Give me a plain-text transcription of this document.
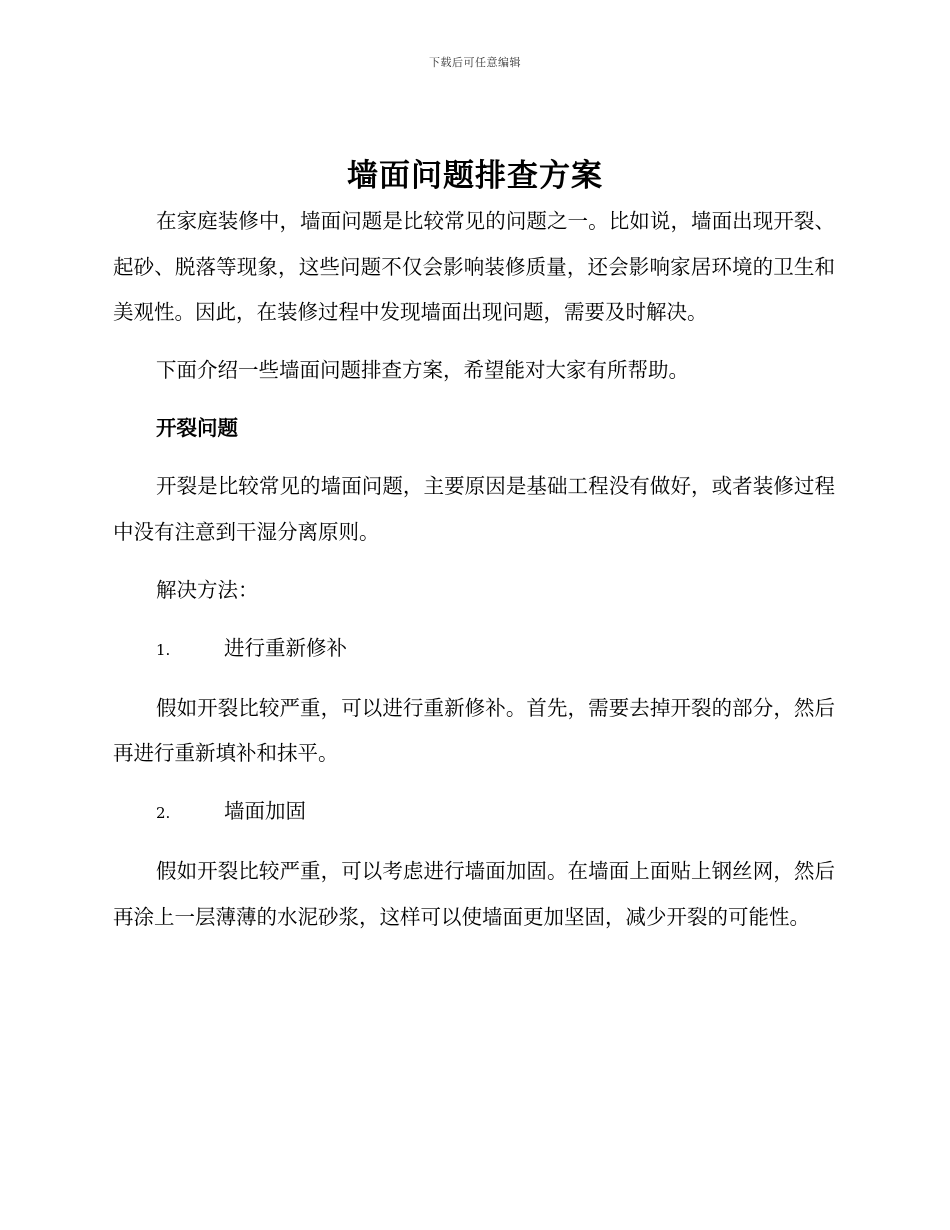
下载后可任意编辑
墙面问题排查方案

在家庭装修中，墙面问题是比较常见的问题之一。比如说，墙面出现开裂、起砂、脱落等现象，这些问题不仅会影响装修质量，还会影响家居环境的卫生和美观性。因此，在装修过程中发现墙面出现问题，需要及时解决。

下面介绍一些墙面问题排查方案，希望能对大家有所帮助。

开裂问题

开裂是比较常见的墙面问题，主要原因是基础工程没有做好，或者装修过程中没有注意到干湿分离原则。

解决方法：

1.	进行重新修补

假如开裂比较严重，可以进行重新修补。首先，需要去掉开裂的部分，然后再进行重新填补和抹平。

2.	墙面加固

假如开裂比较严重，可以考虑进行墙面加固。在墙面上面贴上钢丝网，然后再涂上一层薄薄的水泥砂浆，这样可以使墙面更加坚固，减少开裂的可能性。
